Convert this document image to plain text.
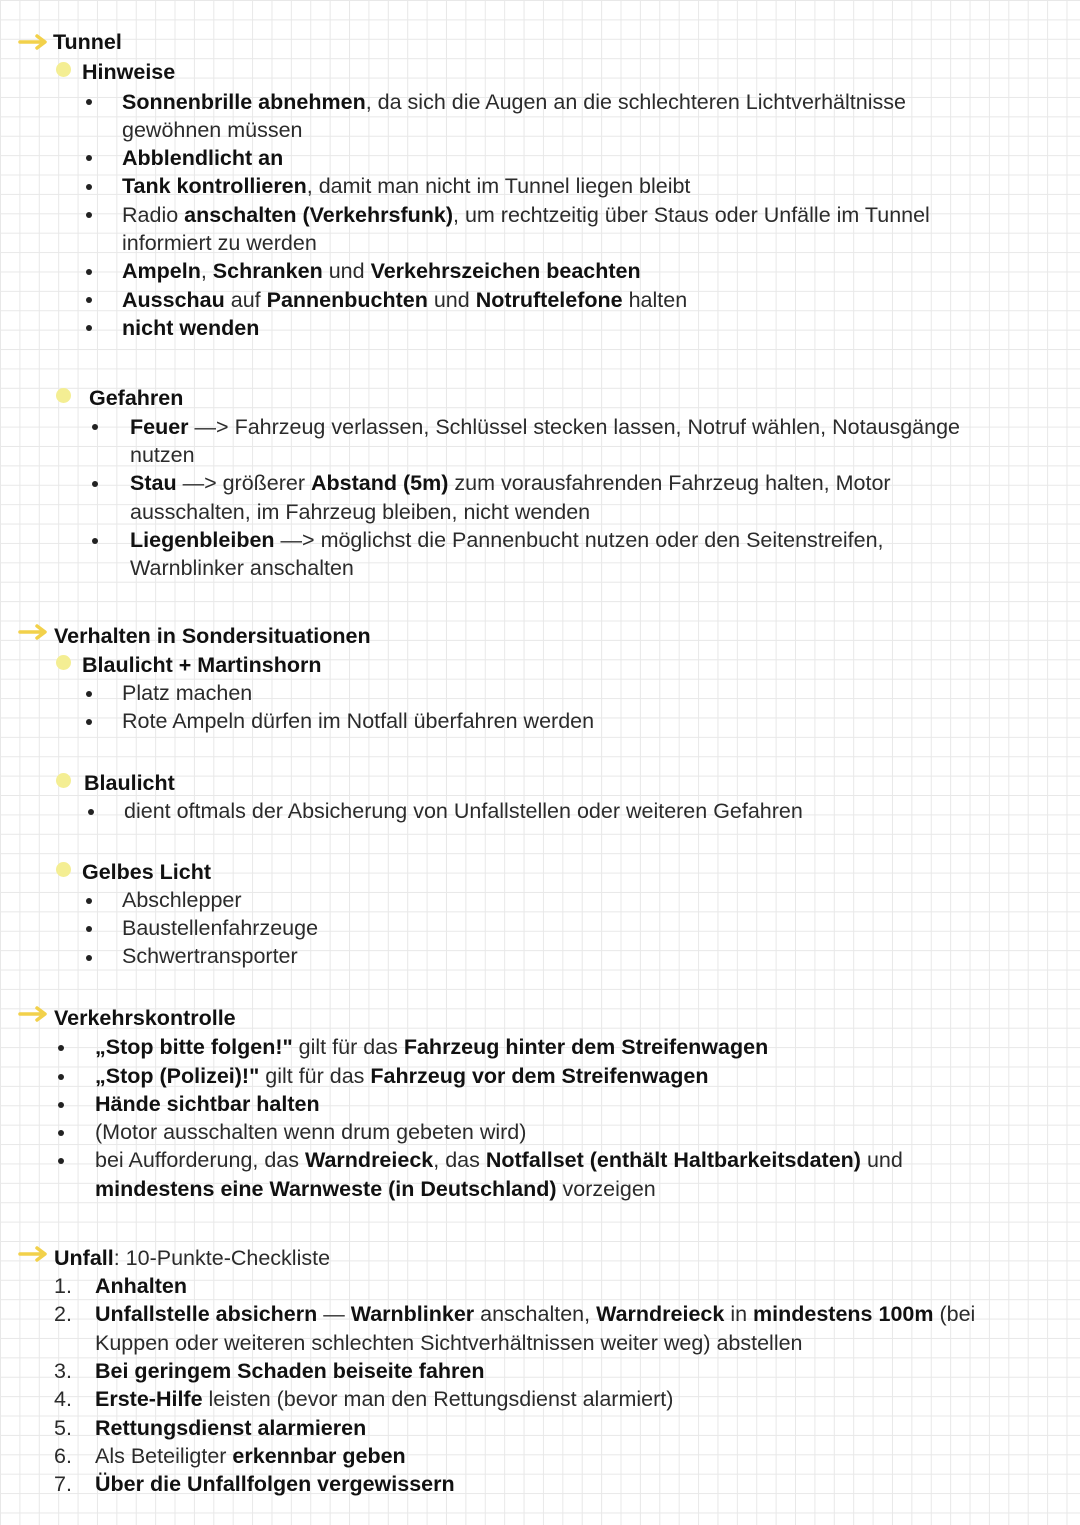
Tunnel
Hinweise
Sonnenbrille abnehmen, da sich die Augen an die schlechteren Lichtverhältnisse
gewöhnen müssen
Abblendlicht an
Tank kontrollieren, damit man nicht im Tunnel liegen bleibt
Radio anschalten (Verkehrsfunk), um rechtzeitig über Staus oder Unfälle im Tunnel
informiert zu werden
Ampeln, Schranken und Verkehrszeichen beachten
Ausschau auf Pannenbuchten und Notruftelefone halten
nicht wenden
Gefahren
Feuer —> Fahrzeug verlassen, Schlüssel stecken lassen, Notruf wählen, Notausgänge
nutzen
Stau —> größerer Abstand (5m) zum vorausfahrenden Fahrzeug halten, Motor
ausschalten, im Fahrzeug bleiben, nicht wenden
Liegenbleiben —> möglichst die Pannenbucht nutzen oder den Seitenstreifen,
Warnblinker anschalten
Verhalten in Sondersituationen
Blaulicht + Martinshorn
Platz machen
Rote Ampeln dürfen im Notfall überfahren werden
Blaulicht
dient oftmals der Absicherung von Unfallstellen oder weiteren Gefahren
Gelbes Licht
Abschlepper
Baustellenfahrzeuge
Schwertransporter
Verkehrskontrolle
„Stop bitte folgen!" gilt für das Fahrzeug hinter dem Streifenwagen
„Stop (Polizei)!" gilt für das Fahrzeug vor dem Streifenwagen
Hände sichtbar halten
(Motor ausschalten wenn drum gebeten wird)
bei Aufforderung, das Warndreieck, das Notfallset (enthält Haltbarkeitsdaten) und
mindestens eine Warnweste (in Deutschland) vorzeigen
Unfall: 10-Punkte-Checkliste
1. Anhalten
2. Unfallstelle absichern — Warnblinker anschalten, Warndreieck in mindestens 100m (bei
Kuppen oder weiteren schlechten Sichtverhältnissen weiter weg) abstellen
3. Bei geringem Schaden beiseite fahren
4. Erste-Hilfe leisten (bevor man den Rettungsdienst alarmiert)
5. Rettungsdienst alarmieren
6. Als Beteiligter erkennbar geben
7. Über die Unfallfolgen vergewissern
